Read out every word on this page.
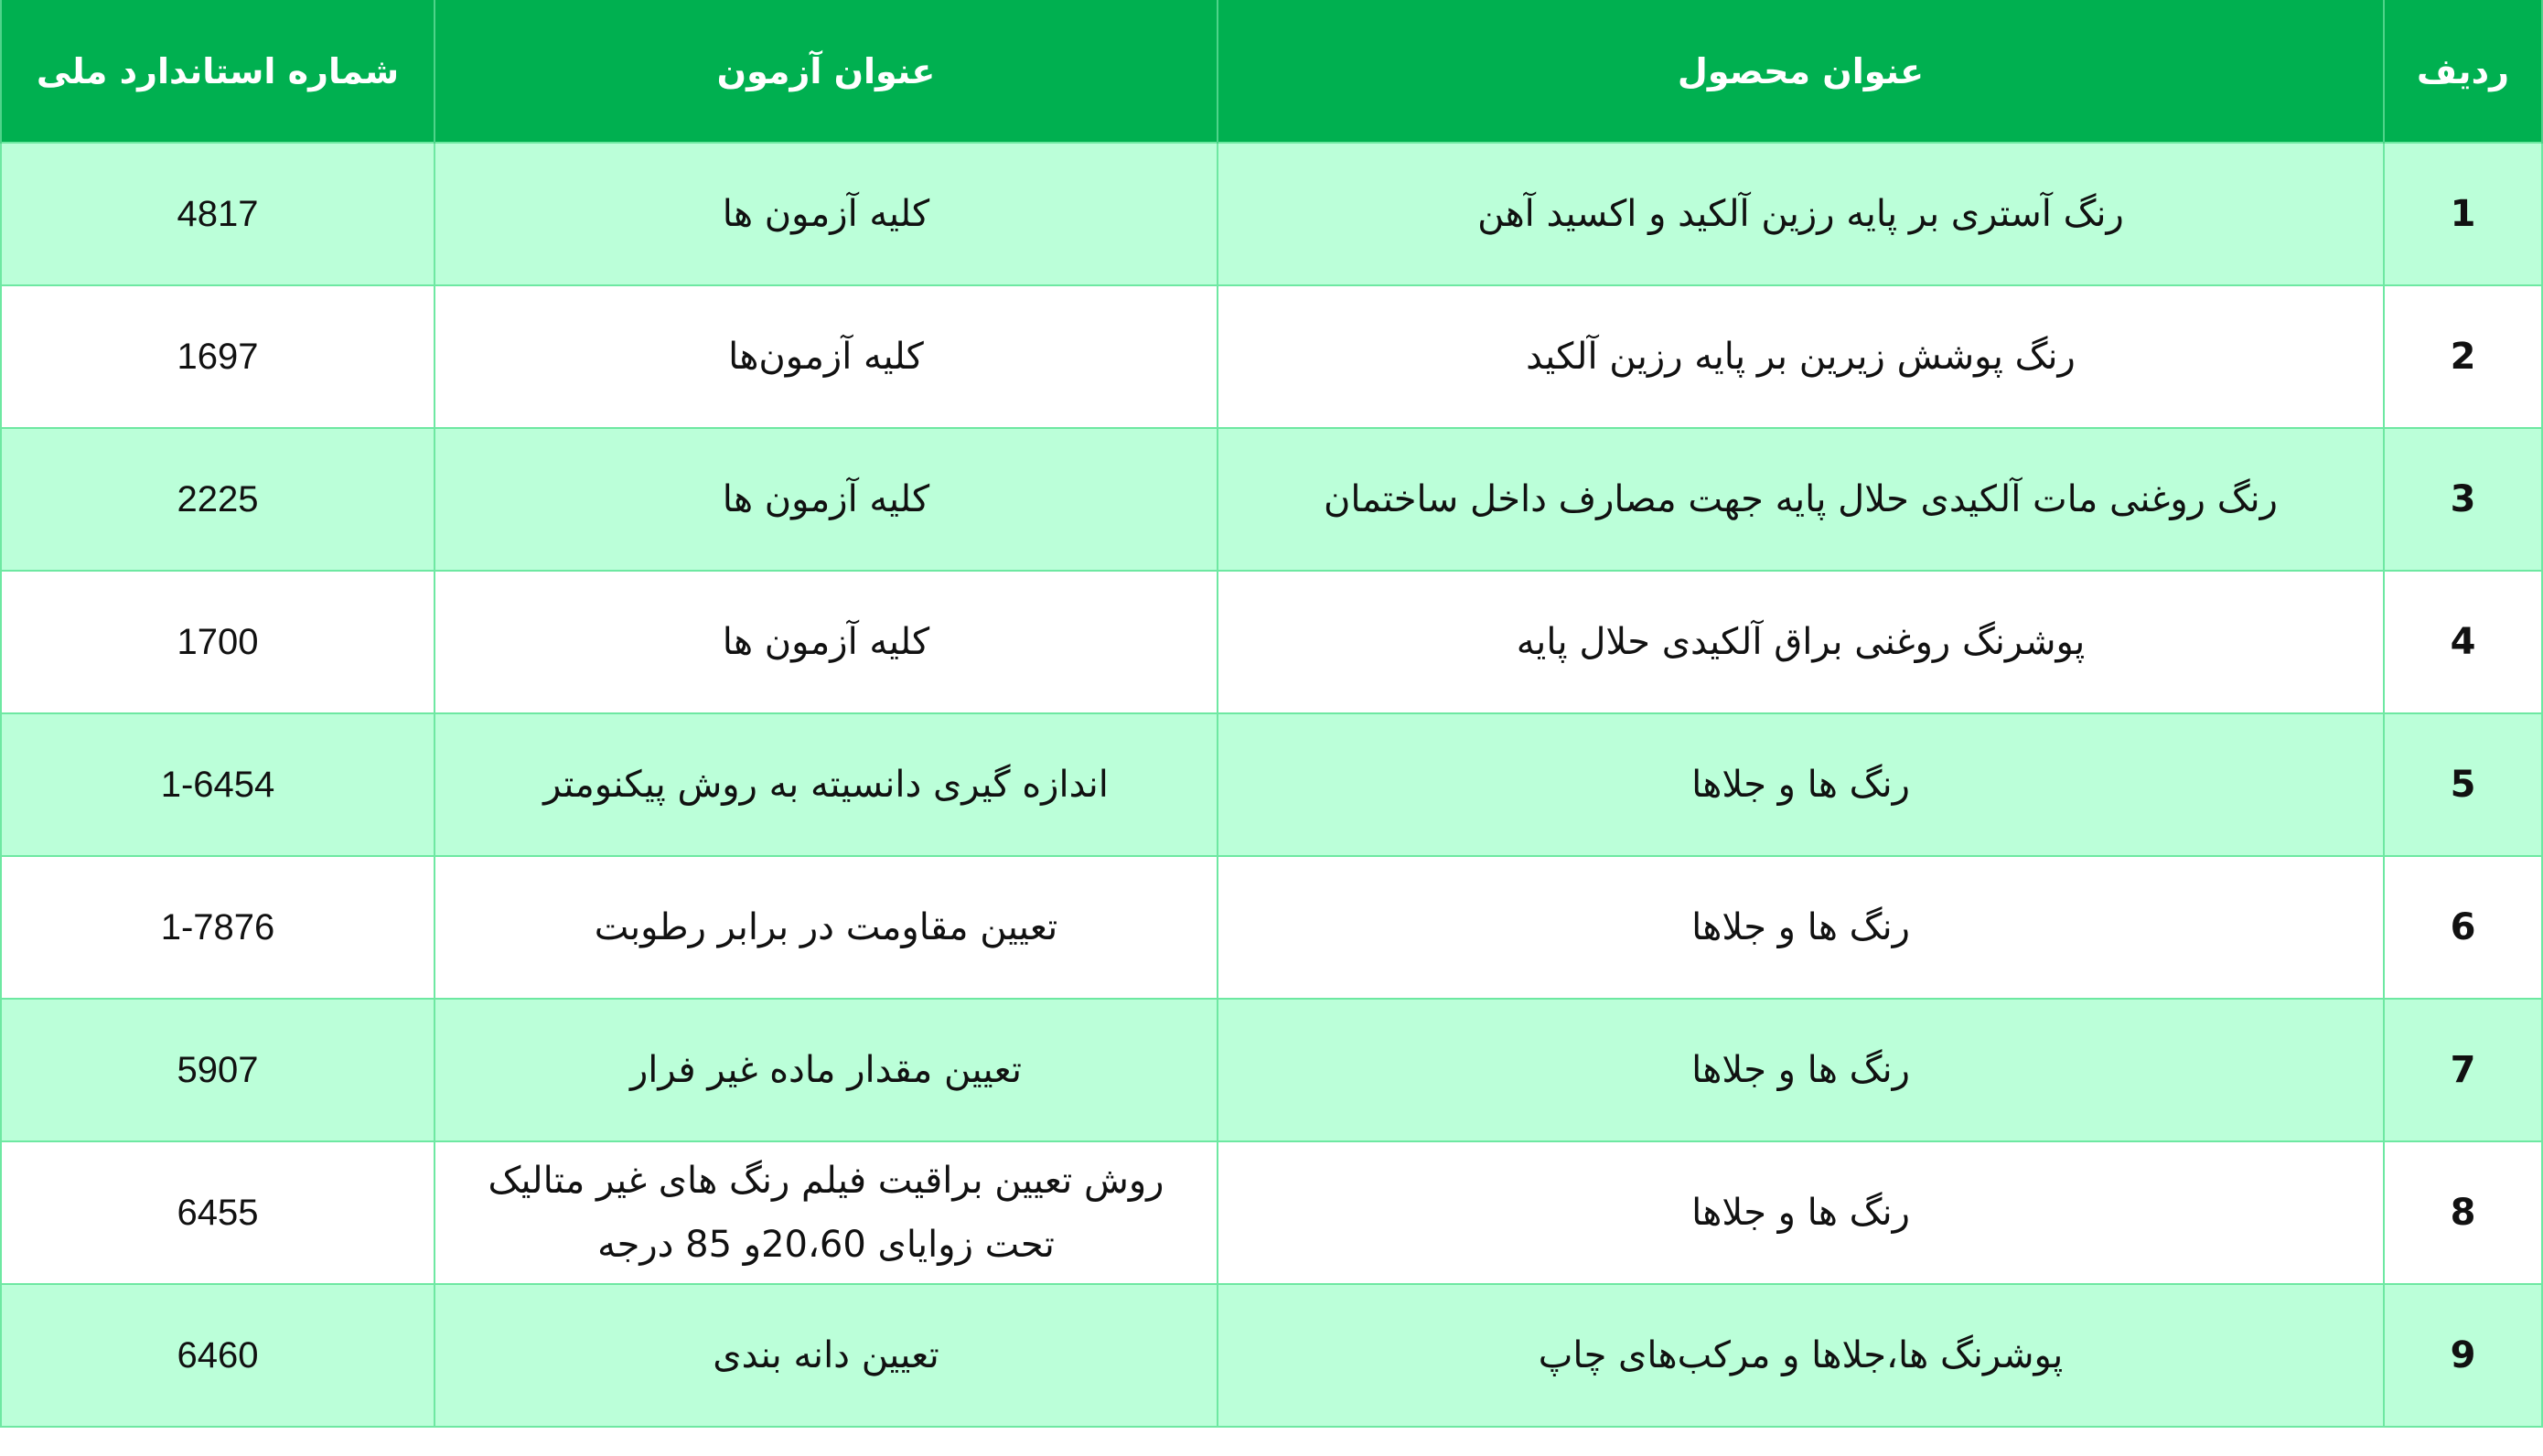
ردیف	عنوان محصول	عنوان آزمون	شماره استاندارد ملی
1	رنگ آستری بر پایه رزین آلکید و اکسید آهن	کلیه آزمون ها	4817
2	رنگ پوشش زیرین بر پایه رزین آلکید	کلیه آزمون‌ها	1697
3	رنگ روغنی مات آلکیدی حلال پایه جهت مصارف داخل ساختمان	کلیه آزمون ها	2225
4	پوشرنگ روغنی براق آلکیدی حلال پایه	کلیه آزمون ها	1700
5	رنگ ها و جلاها	اندازه گیری دانسیته به روش پیکنومتر	1-6454
6	رنگ ها و جلاها	تعیین مقاومت در برابر رطوبت	1-7876
7	رنگ ها و جلاها	تعیین مقدار ماده غیر فرار	5907
8	رنگ ها و جلاها	روش تعیین براقیت فیلم رنگ های غیر متالیک تحت زوایای 20،60و 85 درجه	6455
9	پوشرنگ ها،جلاها و مرکب‌های چاپ	تعیین دانه بندی	6460
